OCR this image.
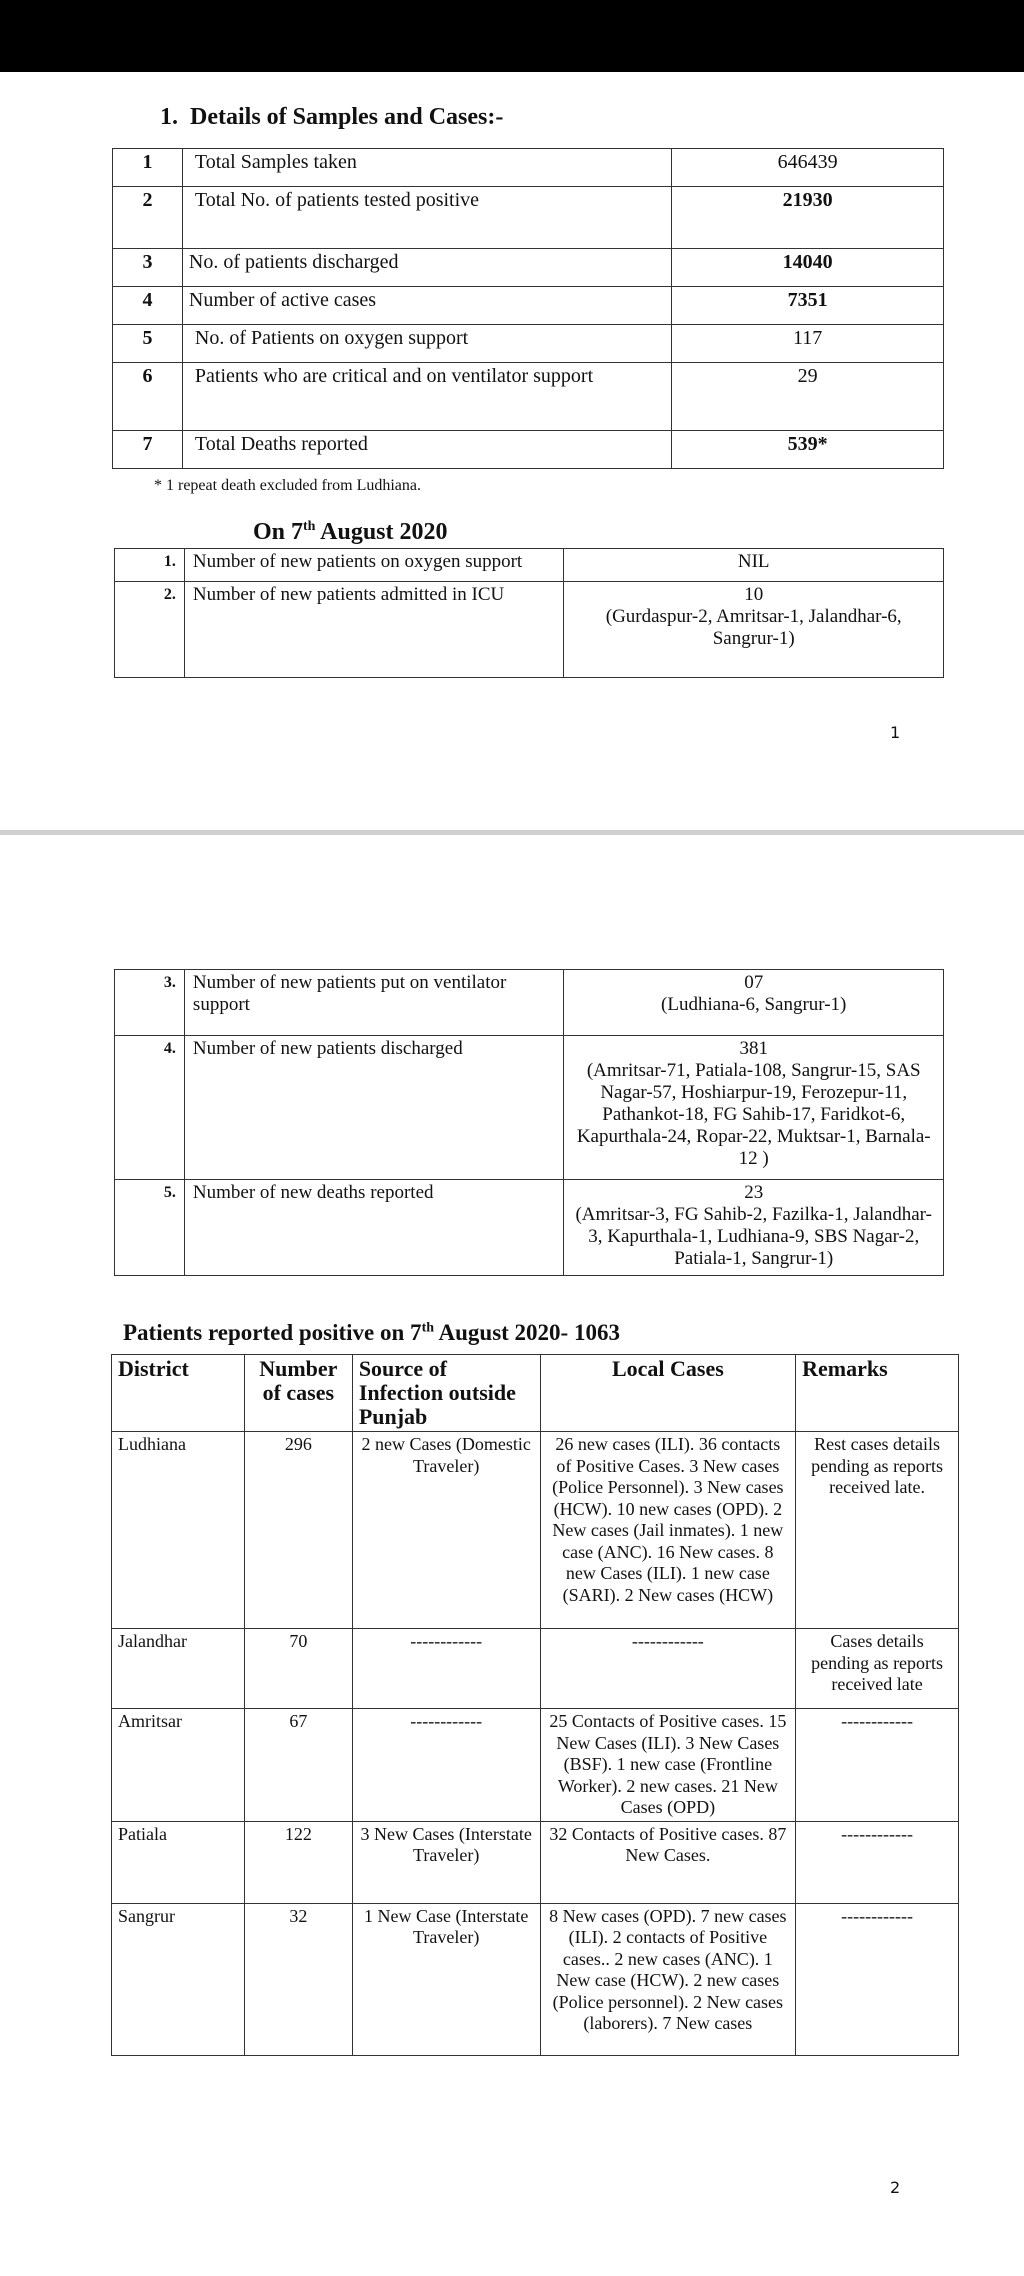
1. Details of Samples and Cases:-
1	Total Samples taken	646439
2	Total No. of patients tested positive	21930
3	No. of patients discharged	14040
4	Number of active cases	7351
5	No. of Patients on oxygen support	117
6	Patients who are critical and on ventilator support	29
7	Total Deaths reported	539*
* 1 repeat death excluded from Ludhiana.
On 7th August 2020
1.	Number of new patients on oxygen support	NIL

2.	Number of new patients admitted in ICU	10
(Gurdaspur-2, Amritsar-1, Jalandhar-6, Sangrur-1)
1
3.	Number of new patients put on ventilator support	07
(Ludhiana-6, Sangrur-1)

4.	Number of new patients discharged	381
(Amritsar-71, Patiala-108, Sangrur-15, SAS Nagar-57, Hoshiarpur-19, Ferozepur-11, Pathankot-18, FG Sahib-17, Faridkot-6, Kapurthala-24, Ropar-22, Muktsar-1, Barnala-12 )

5.	Number of new deaths reported	23
(Amritsar-3, FG Sahib-2, Fazilka-1, Jalandhar-3, Kapurthala-1, Ludhiana-9, SBS Nagar-2, Patiala-1, Sangrur-1)
Patients reported positive on 7th August 2020- 1063
District	Number of cases	Source of Infection outside Punjab	Local Cases	Remarks
Ludhiana	296	2 new Cases (Domestic Traveler)	26 new cases (ILI). 36 contacts of Positive Cases. 3 New cases (Police Personnel). 3 New cases (HCW). 10 new cases (OPD). 2 New cases (Jail inmates). 1 new case (ANC). 16 New cases. 8 new Cases (ILI). 1 new case (SARI). 2 New cases (HCW)	Rest cases details pending as reports received late.
Jalandhar	70	------------	------------	Cases details pending as reports received late
Amritsar	67	------------	25 Contacts of Positive cases. 15 New Cases (ILI). 3 New Cases (BSF). 1 new case (Frontline Worker). 2 new cases. 21 New Cases (OPD)	------------
Patiala	122	3 New Cases (Interstate Traveler)	32 Contacts of Positive cases. 87 New Cases.	------------
Sangrur	32	1 New Case (Interstate Traveler)	8 New cases (OPD). 7 new cases (ILI). 2 contacts of Positive cases.. 2 new cases (ANC). 1 New case (HCW). 2 new cases (Police personnel). 2 New cases (laborers). 7 New cases	------------
2
